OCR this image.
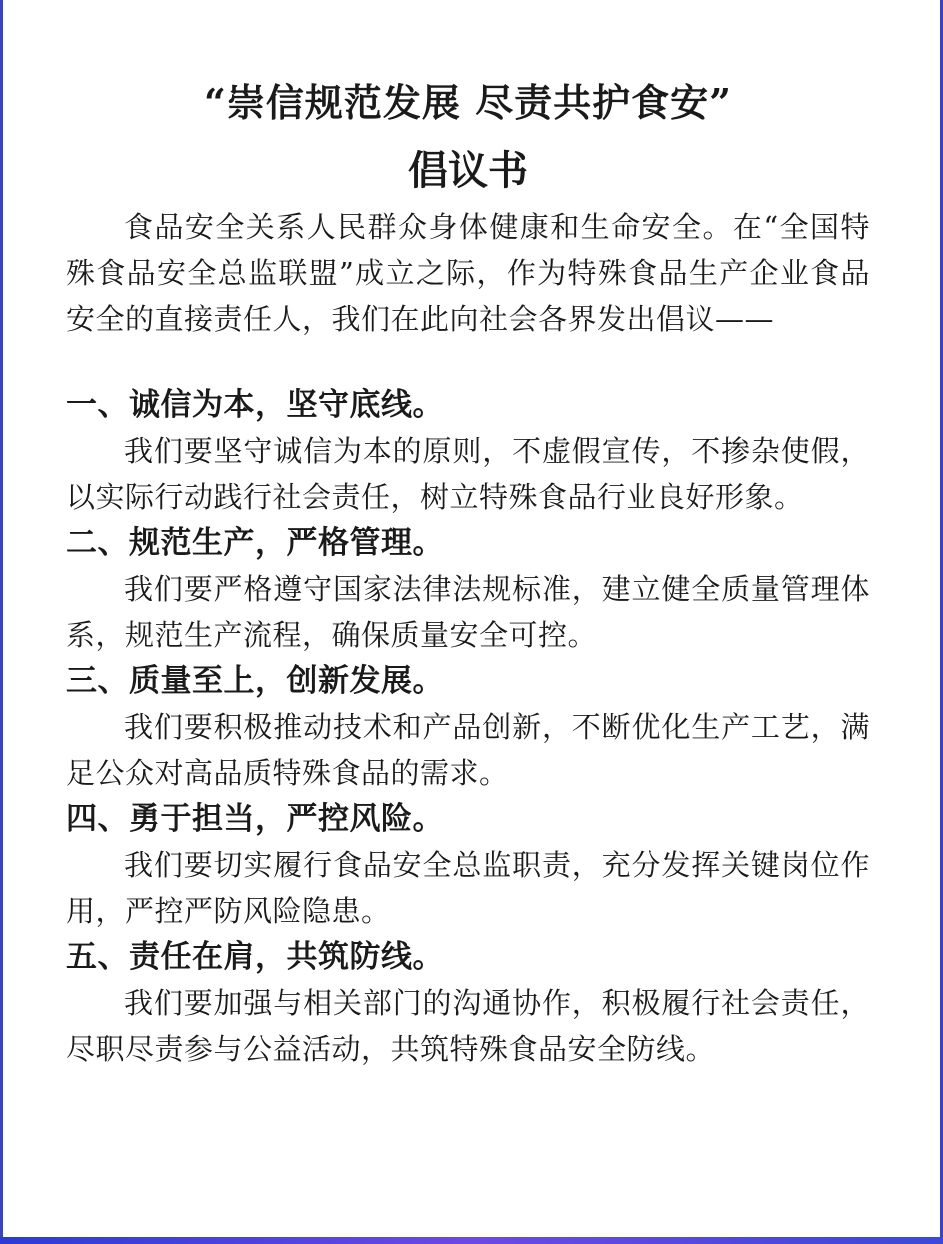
“崇信规范发展 尽责共护食安”
倡议书

食品安全关系人民群众身体健康和生命安全。在“全国特殊食品安全总监联盟”成立之际，作为特殊食品生产企业食品安全的直接责任人，我们在此向社会各界发出倡议——

一、诚信为本，坚守底线。

我们要坚守诚信为本的原则，不虚假宣传，不掺杂使假，以实际行动践行社会责任，树立特殊食品行业良好形象。

二、规范生产，严格管理。

我们要严格遵守国家法律法规标准，建立健全质量管理体系，规范生产流程，确保质量安全可控。

三、质量至上，创新发展。

我们要积极推动技术和产品创新，不断优化生产工艺，满足公众对高品质特殊食品的需求。

四、勇于担当，严控风险。

我们要切实履行食品安全总监职责，充分发挥关键岗位作用，严控严防风险隐患。

五、责任在肩，共筑防线。

我们要加强与相关部门的沟通协作，积极履行社会责任，尽职尽责参与公益活动，共筑特殊食品安全防线。
